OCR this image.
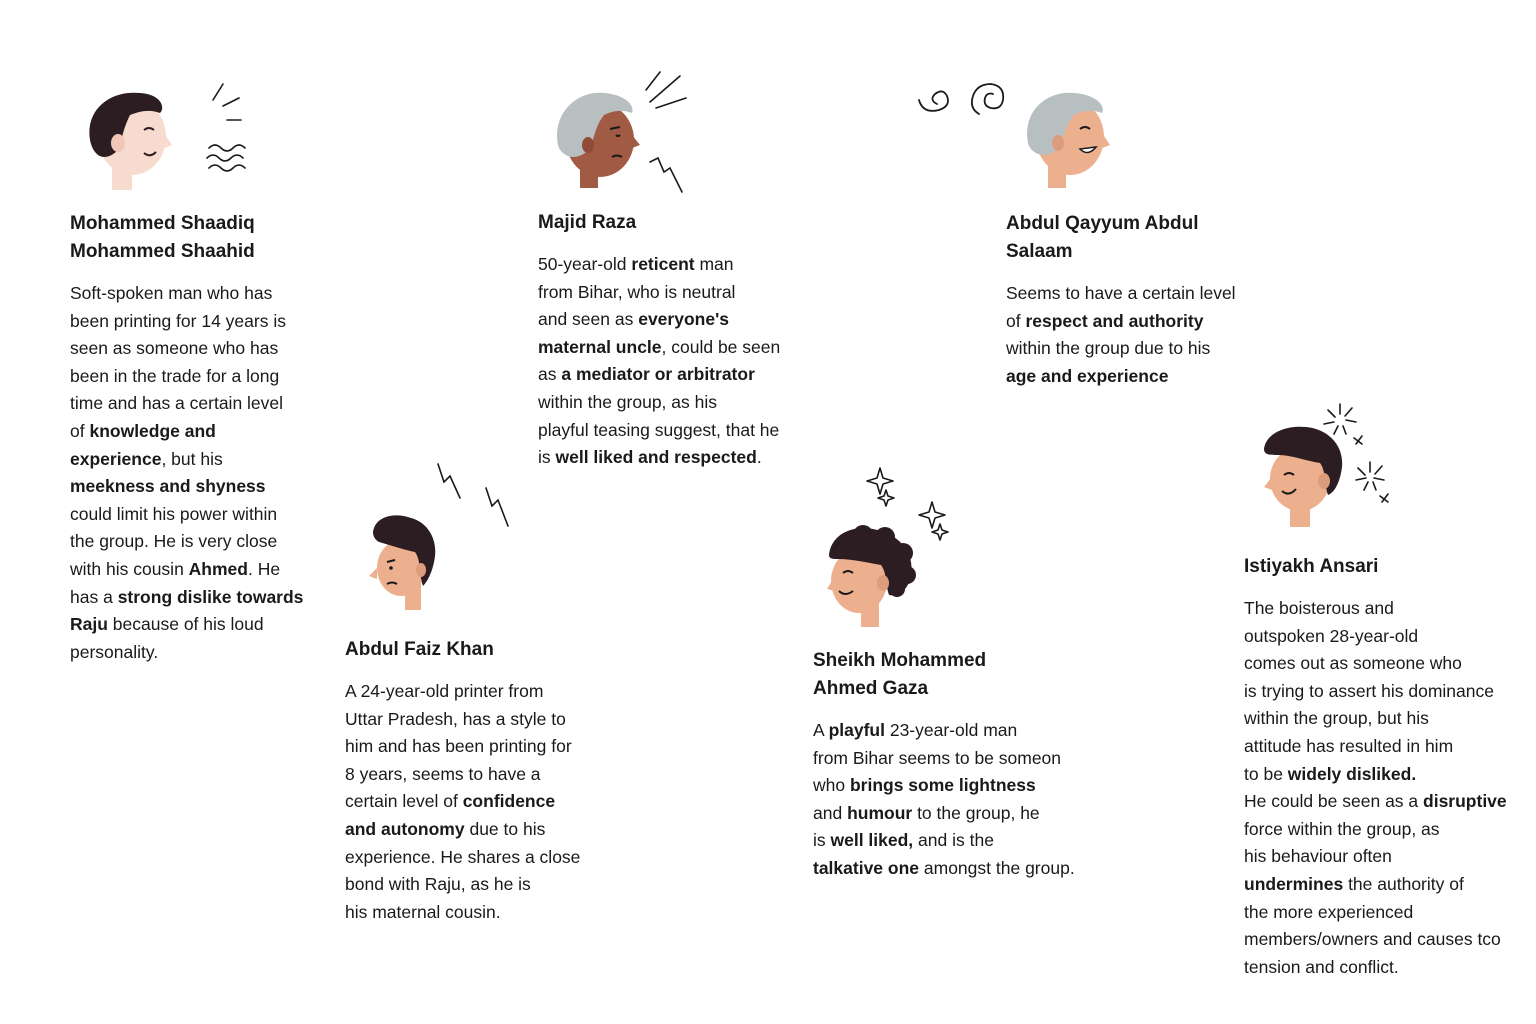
Mohammed Shaadiq
Mohammed Shaahid

Soft-spoken man who has
been printing for 14 years is
seen as someone who has
been in the trade for a long
time and has a certain level
of knowledge and
experience, but his
meekness and shyness
could limit his power within
the group. He is very close
with his cousin Ahmed. He
has a strong dislike towards
Raju because of his loud
personality.

Majid Raza

50-year-old reticent man
from Bihar, who is neutral
and seen as everyone's
maternal uncle, could be seen
as a mediator or arbitrator
within the group, as his
playful teasing suggest, that he
is well liked and respected.

Abdul Qayyum Abdul
Salaam

Seems to have a certain level
of respect and authority
within the group due to his
age and experience

Abdul Faiz Khan

A 24-year-old printer from
Uttar Pradesh, has a style to
him and has been printing for
8 years, seems to have a
certain level of confidence
and autonomy due to his
experience. He shares a close
bond with Raju, as he is
his maternal cousin.

Sheikh Mohammed
Ahmed Gaza

A playful 23-year-old man
from Bihar seems to be someon
who brings some lightness
and humour to the group, he
is well liked, and is the
talkative one amongst the group.

Istiyakh Ansari

The boisterous and
outspoken 28-year-old
comes out as someone who
is trying to assert his dominance
within the group, but his
attitude has resulted in him
to be widely disliked.
He could be seen as a disruptive
force within the group, as
his behaviour often
undermines the authority of
the more experienced
members/owners and causes tco
tension and conflict.
